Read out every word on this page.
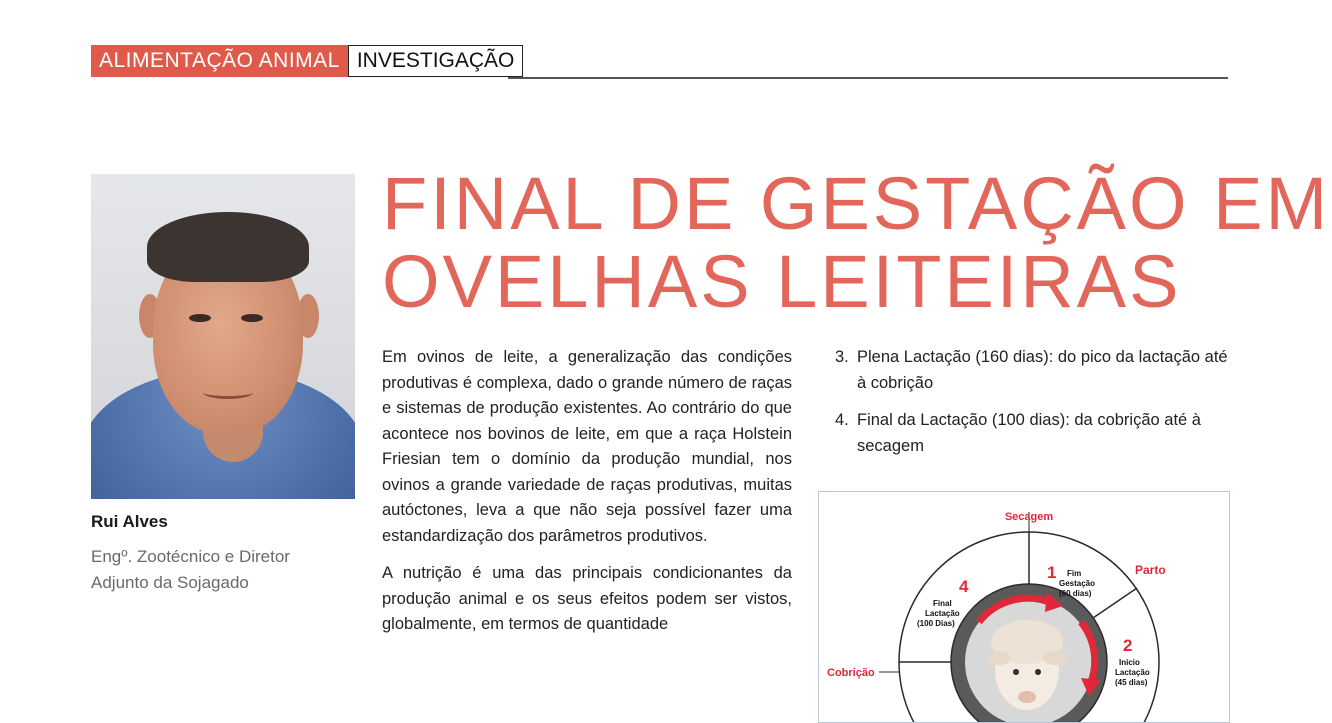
ALIMENTAÇÃO ANIMAL INVESTIGAÇÃO
Rui Alves
Engº. Zootécnico e Diretor Adjunto da Sojagado
FINAL DE GESTAÇÃO EM
OVELHAS LEITEIRAS

Em ovinos de leite, a generalização das condições produtivas é complexa, dado o grande número de raças e sistemas de produção existentes. Ao contrário do que acontece nos bovinos de leite, em que a raça Holstein Friesian tem o domínio da produção mundial, nos ovinos a grande variedade de raças produtivas, muitas autóctones, leva a que não seja possível fazer uma estandardização dos parâmetros produtivos.

A nutrição é uma das principais condicionantes da produção animal e os seus efeitos podem ser vistos, globalmente, em termos de quantidade

3. Plena Lactação (160 dias): do pico da lactação até à cobrição
4. Final da Lactação (100 dias): da cobrição até à secagem
Secagem
Parto
Cobrição
1 Fim
Gestação
(60 dias)
2
Inicio
Lactação
(45 dias)
4
Final
Lactação
(100 Dias)
